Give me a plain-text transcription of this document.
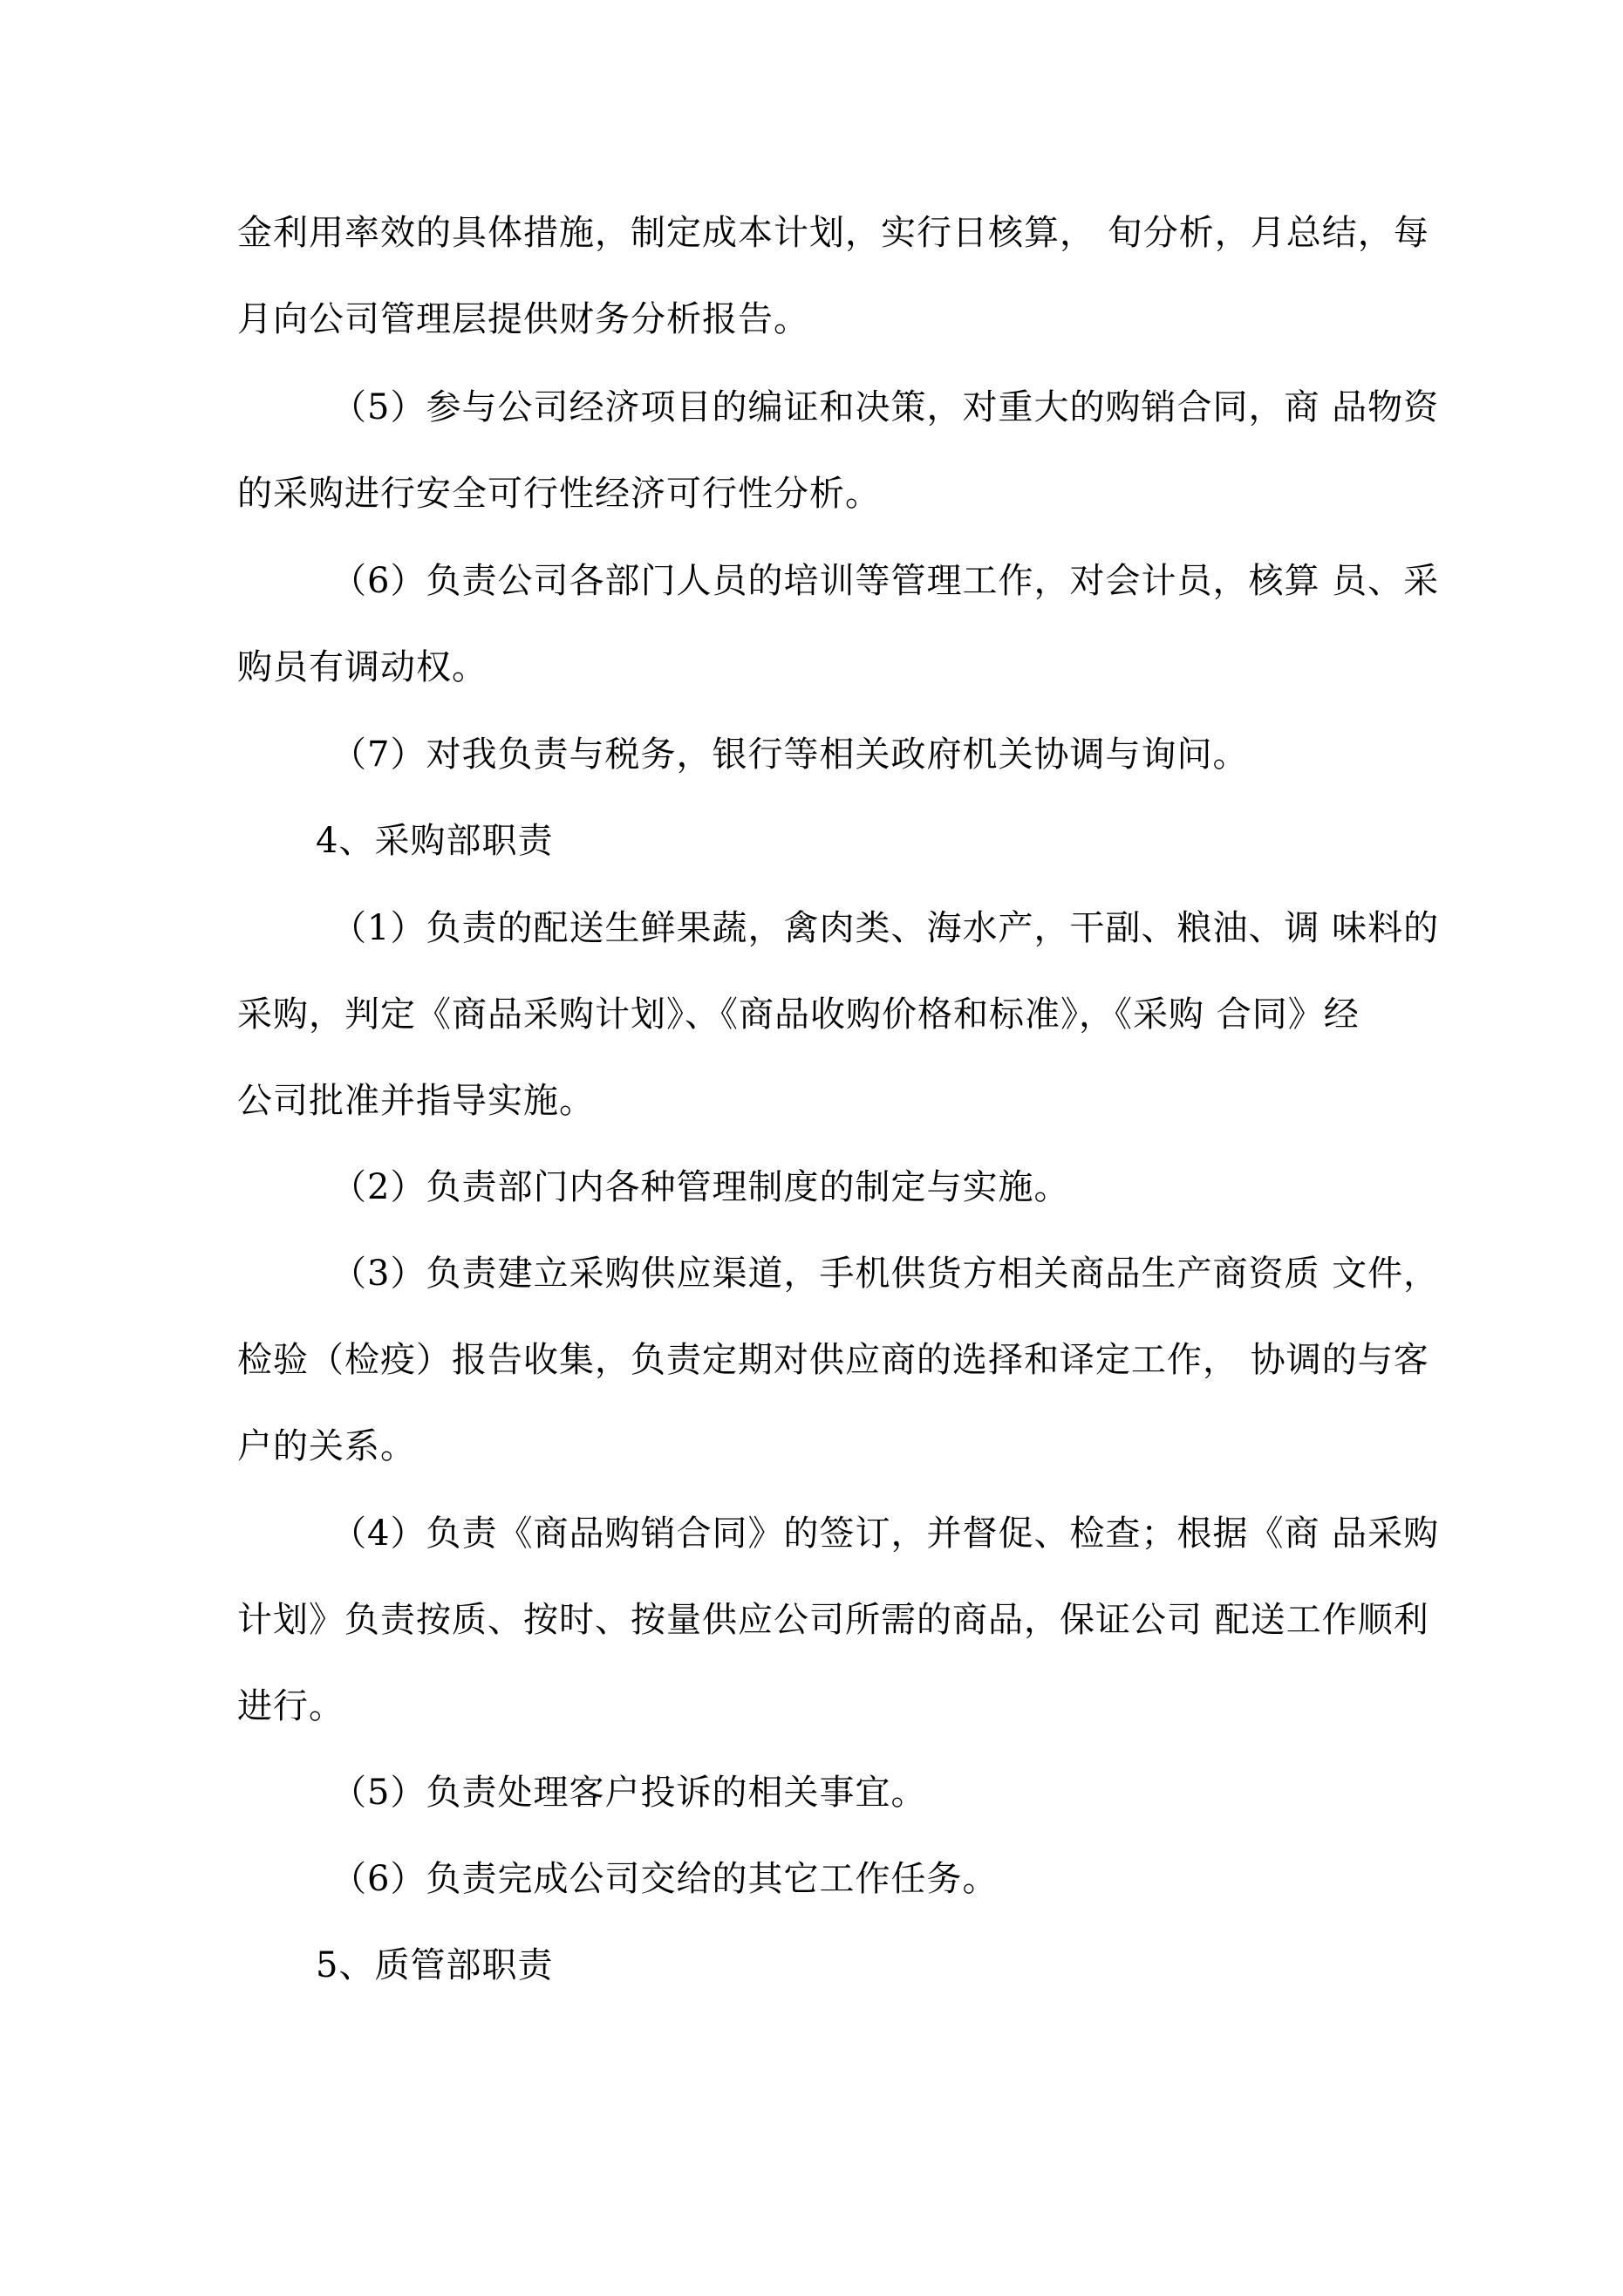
金利用率效的具体措施，制定成本计划，实行日核算， 旬分析，月总结，每
月向公司管理层提供财务分析报告。
（5）参与公司经济项目的编证和决策，对重大的购销合同，商 品物资
的采购进行安全可行性经济可行性分析。
（6）负责公司各部门人员的培训等管理工作，对会计员，核算 员、采
购员有调动权。
（7）对我负责与税务，银行等相关政府机关协调与询问。
4、采购部职责
（1）负责的配送生鲜果蔬，禽肉类、海水产，干副、粮油、调 味料的
采购，判定《商品采购计划》、《商品收购价格和标准》，《采购 合同》经
公司批准并指导实施。
（2）负责部门内各种管理制度的制定与实施。
（3）负责建立采购供应渠道，手机供货方相关商品生产商资质 文件，
检验（检疫）报告收集，负责定期对供应商的选择和译定工作， 协调的与客
户的关系。
（4）负责《商品购销合同》的签订，并督促、检查；根据《商 品采购
计划》负责按质、按时、按量供应公司所需的商品，保证公司 配送工作顺利
进行。
（5）负责处理客户投诉的相关事宜。
（6）负责完成公司交给的其它工作任务。
5、质管部职责
